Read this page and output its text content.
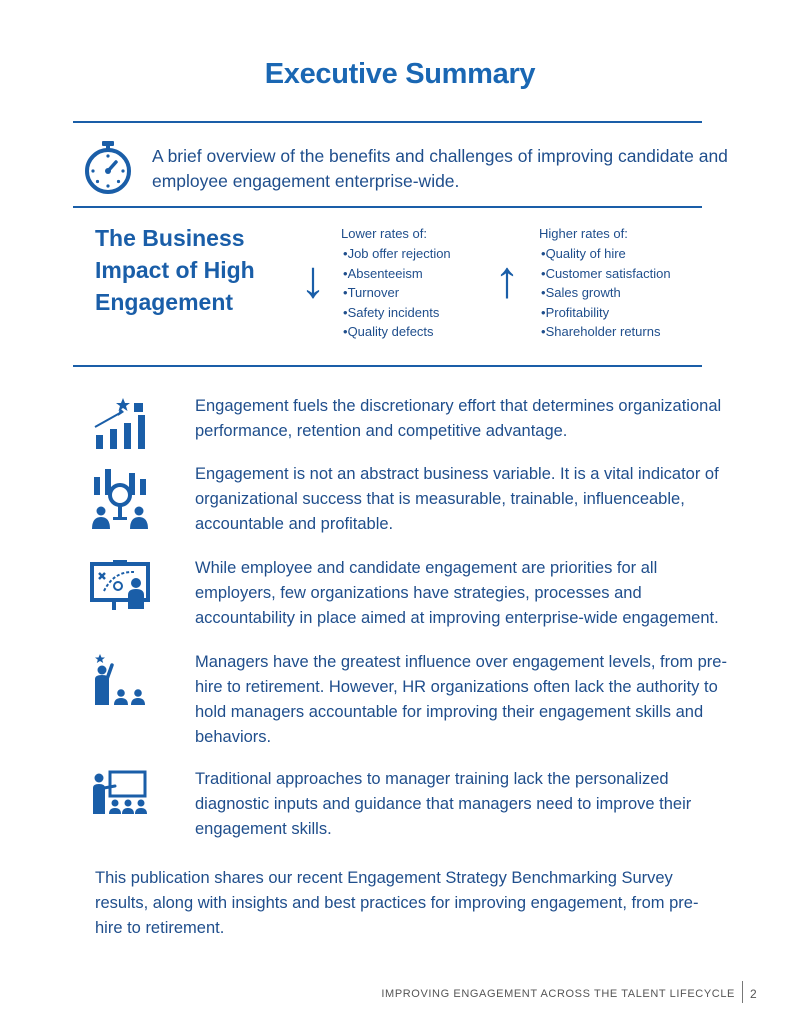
Executive Summary
A brief overview of the benefits and challenges of improving candidate and employee engagement enterprise-wide.
The Business
Impact of High
Engagement	↓
Lower rates of:
• Job offer rejection
• Absenteeism
• Turnover
• Safety incidents
• Quality defects
↑
Higher rates of:
• Quality of hire
• Customer satisfaction
• Sales growth
• Profitability
• Shareholder returns
Engagement fuels the discretionary effort that determines organizational performance, retention and competitive advantage.
Engagement is not an abstract business variable. It is a vital indicator of organizational success that is measurable, trainable, influenceable, accountable and profitable.
While employee and candidate engagement are priorities for all employers, few organizations have strategies, processes and accountability in place aimed at improving enterprise-wide engagement.
Managers have the greatest influence over engagement levels, from pre-hire to retirement. However, HR organizations often lack the authority to hold managers accountable for improving their engagement skills and behaviors.
Traditional approaches to manager training lack the personalized diagnostic inputs and guidance that managers need to improve their engagement skills.
This publication shares our recent Engagement Strategy Benchmarking Survey results, along with insights and best practices for improving engagement, from pre-hire to retirement.
IMPROVING ENGAGEMENT ACROSS THE TALENT LIFECYCLE 2
